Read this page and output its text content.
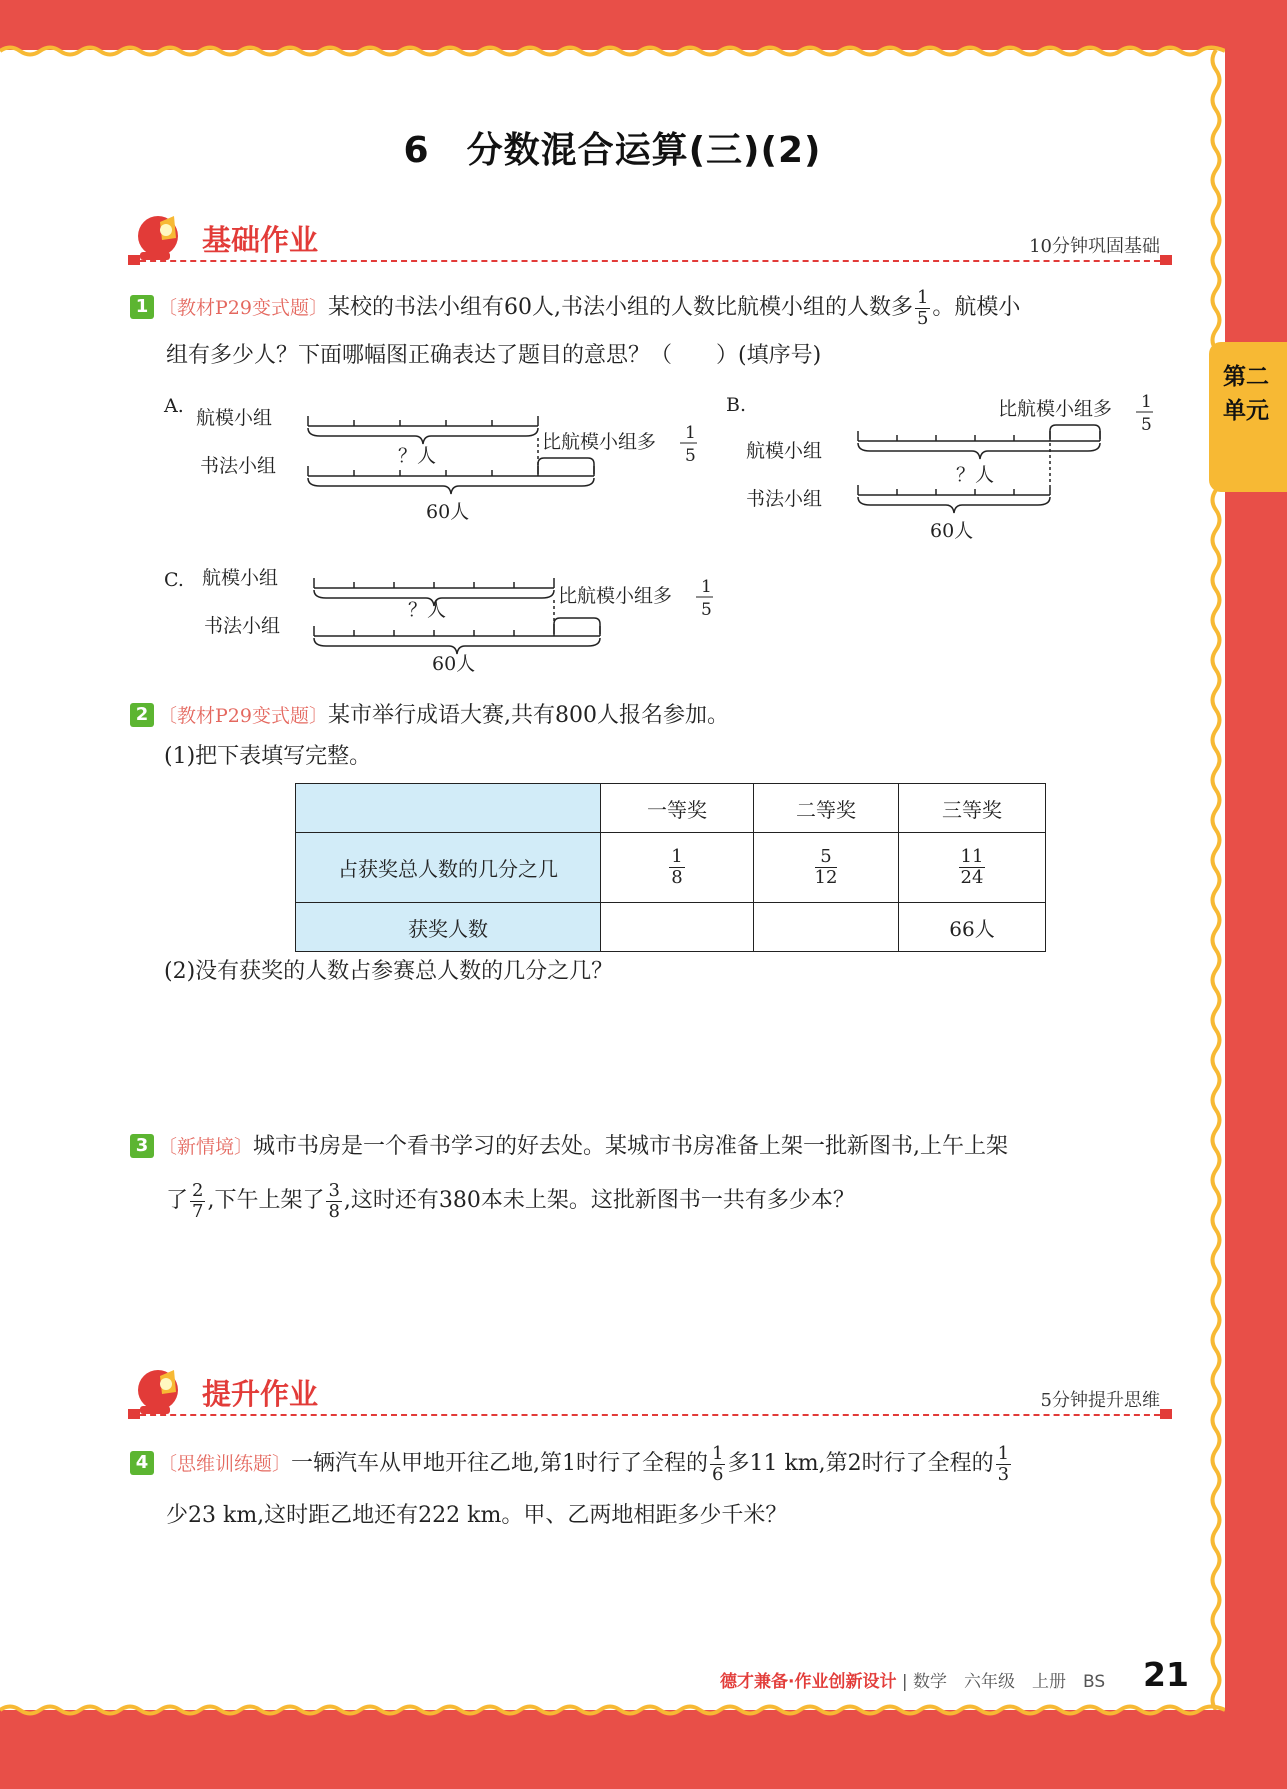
第二单元
6　分数混合运算(三)(2)
基础作业	10分钟巩固基础
1 〔教材P29变式题〕某校的书法小组有60人,书法小组的人数比航模小组的人数多 $\frac{1}{5}$ 。航模小
组有多少人？下面哪幅图正确表达了题目的意思？（　　）(填序号)
A.
航模小组
书法小组	？人
60人
比航模小组多 1
5
B.	比航模小组多 1
5
航模小组
书法小组
？人
60人
C. 航模小组
书法小组
？人
60人
比航模小组多 1
5
2 〔教材P29变式题〕某市举行成语大赛,共有800人报名参加。
(1)把下表填写完整。
	一等奖	二等奖	三等奖
占获奖总人数的几分之几	$\frac{1}{8}$	$\frac{5}{12}$	$\frac{11}{24}$

获奖人数			66人
(2)没有获奖的人数占参赛总人数的几分之几？
3 〔新情境〕城市书房是一个看书学习的好去处。某城市书房准备上架一批新图书,上午上架
了 $\frac{2}{7}$ ,下午上架了 $\frac{3}{8}$ ,这时还有380本未上架。这批新图书一共有多少本？
提升作业	5分钟提升思维
4 〔思维训练题〕一辆汽车从甲地开往乙地,第1时行了全程的 $\frac{1}{6}$ 多11 km,第2时行了全程的 $\frac{1}{3}$
少23 km,这时距乙地还有222 km。甲、乙两地相距多少千米？
德才兼备·作业创新设计 | 数学　六年级　上册　BS 21
